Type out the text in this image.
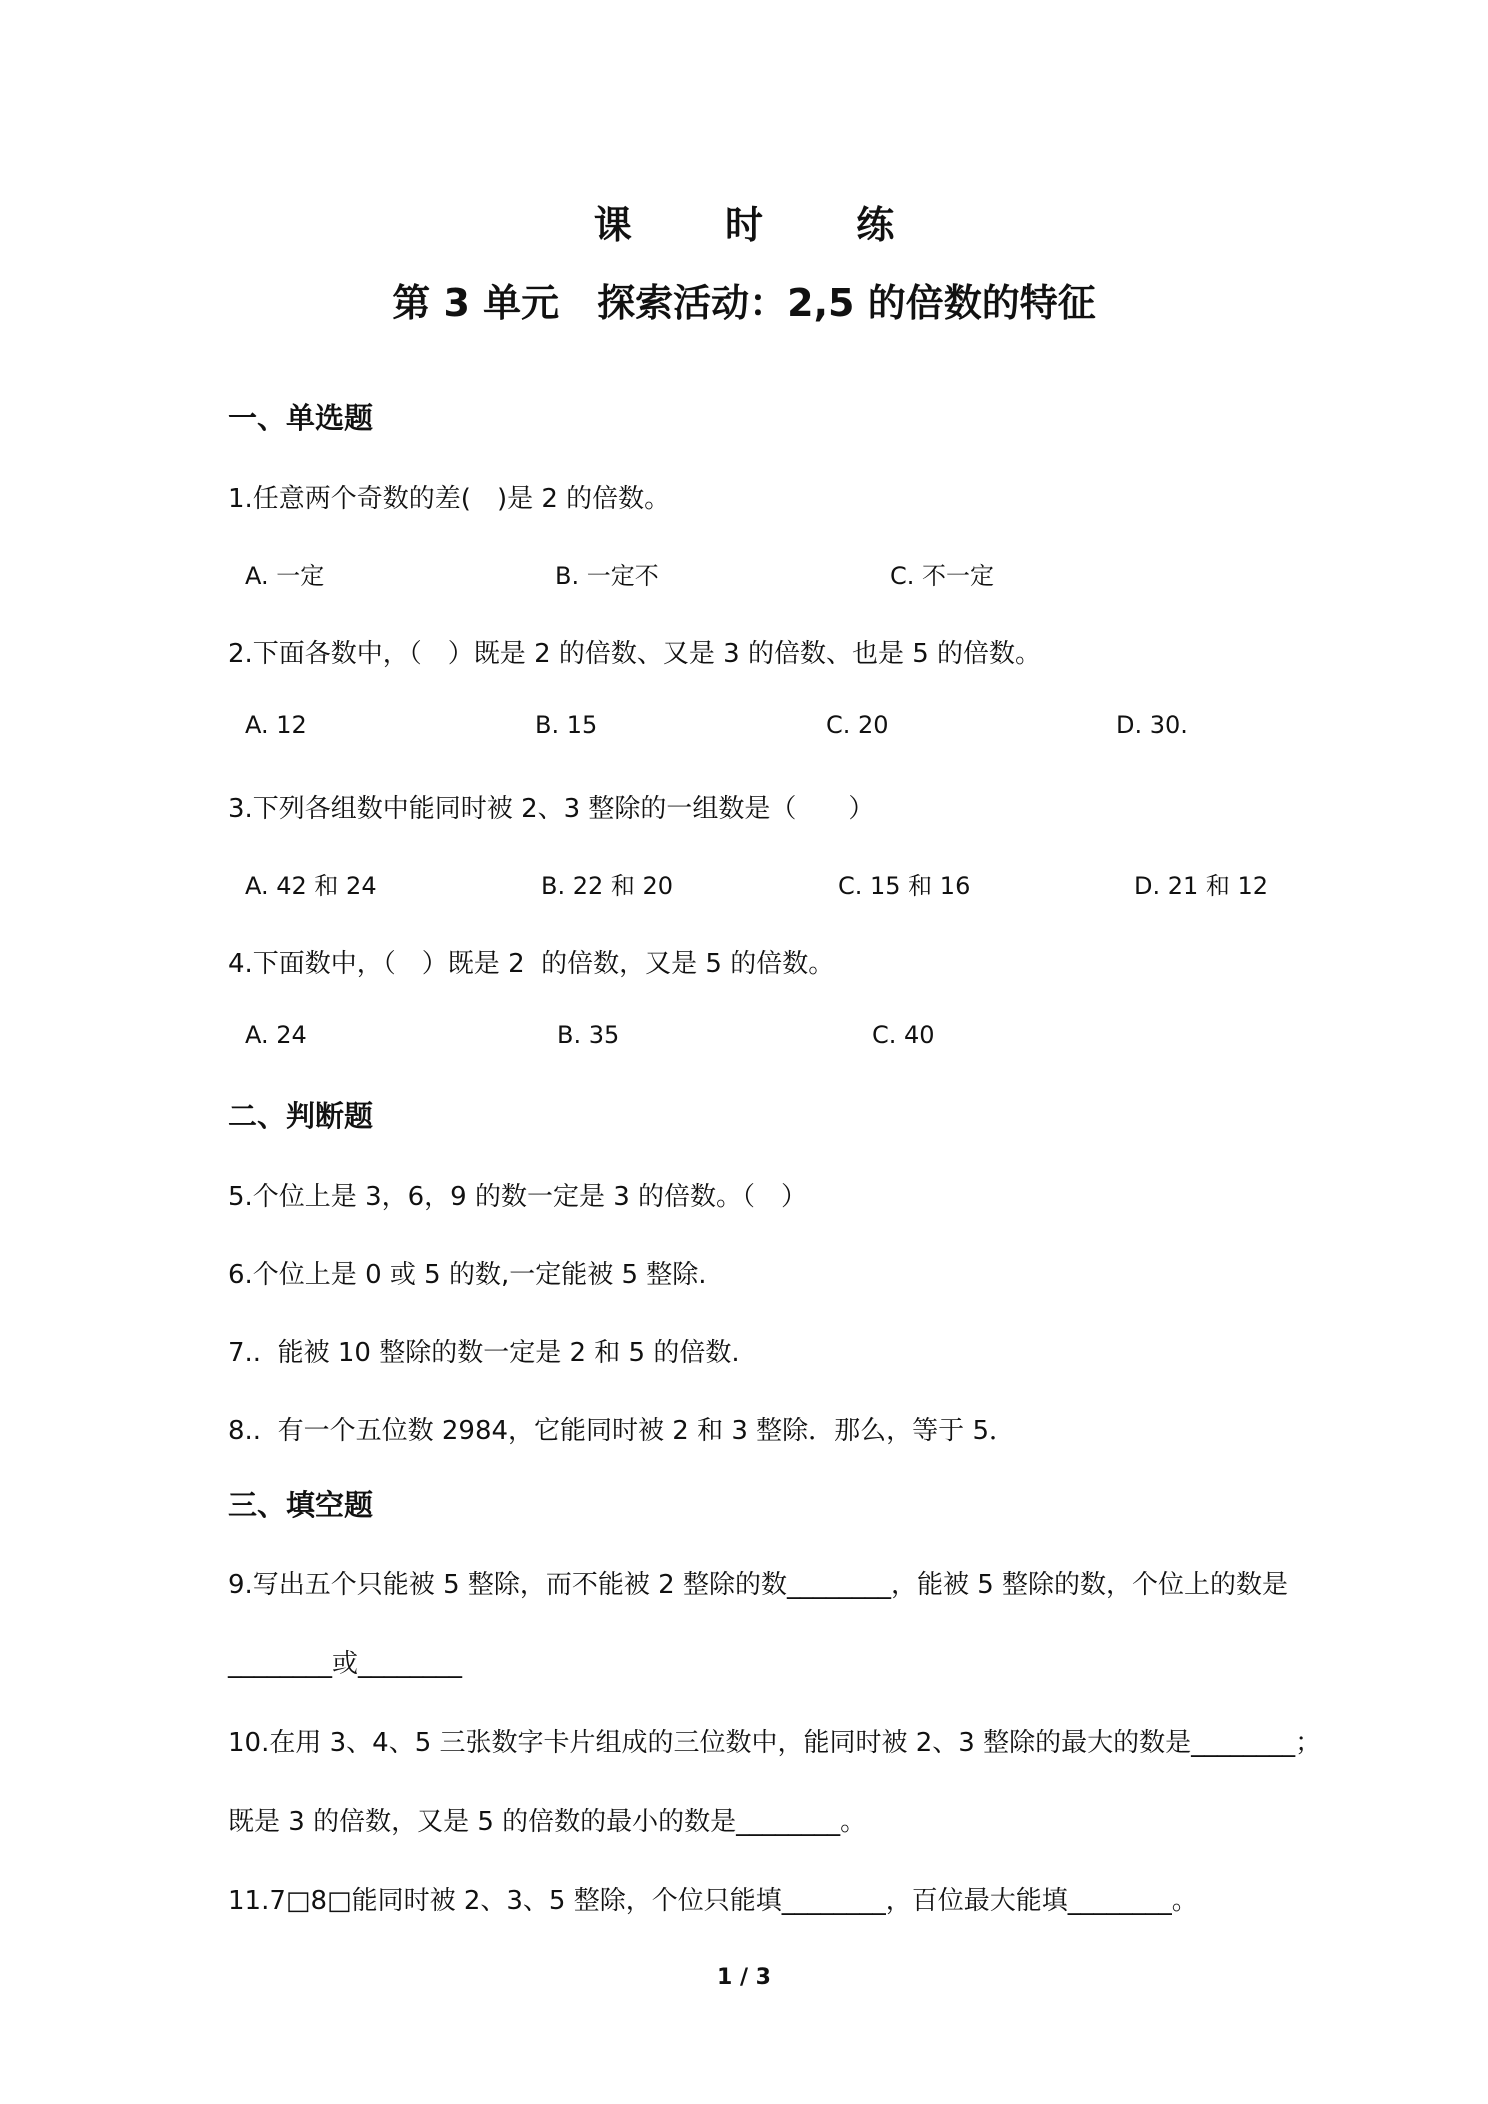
课 时 练
第 3 单元　探索活动：2,5 的倍数的特征
一、单选题
1.任意两个奇数的差(　)是 2 的倍数。
A. 一定	B. 一定不	C. 不一定
2.下面各数中，（　）既是 2 的倍数、又是 3 的倍数、也是 5 的倍数。
A. 12	B. 15	C. 20	D. 30.
3.下列各组数中能同时被 2、3 整除的一组数是（　　）
A. 42 和 24	B. 22 和 20	C. 15 和 16	D. 21 和 12
4.下面数中，（　）既是 2  的倍数，又是 5 的倍数。
A. 24	B. 35	C. 40
二、判断题
5.个位上是 3，6，9 的数一定是 3 的倍数。（　）
6.个位上是 0 或 5 的数,一定能被 5 整除.
7..  能被 10 整除的数一定是 2 和 5 的倍数.
8..  有一个五位数 2984，它能同时被 2 和 3 整除．那么，等于 5．
三、填空题
9.写出五个只能被 5 整除，而不能被 2 整除的数________，能被 5 整除的数，个位上的数是
________或________
10.在用 3、4、5 三张数字卡片组成的三位数中，能同时被 2、3 整除的最大的数是________；
既是 3 的倍数，又是 5 的倍数的最小的数是________。
11.7□8□能同时被 2、3、5 整除，个位只能填________，百位最大能填________。
1 / 3
